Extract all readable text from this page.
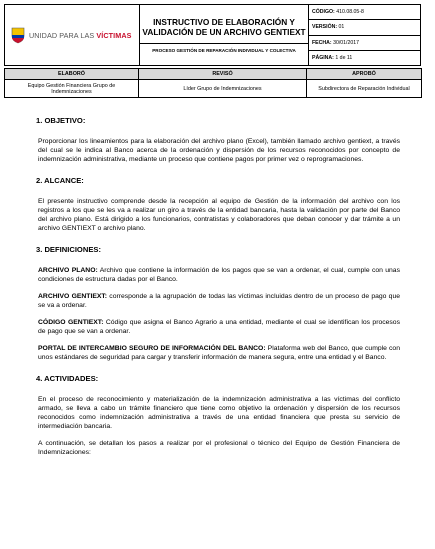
UNIDAD PARA LAS VÍCTIMAS

INSTRUCTIVO DE ELABORACIÓN Y VALIDACIÓN DE UN ARCHIVO GENTIEXT
PROCESO GESTIÓN DE REPARACIÓN INDIVIDUAL Y COLECTIVA
	CÓDIGO: 410.08.05-8
VERSIÓN: 01
FECHA: 30/01/2017
PÁGINA: 1 de 11
ELABORÓ	REVISÓ	APROBÓ
Equipo Gestión Financiera Grupo de Indemnizaciones	Líder Grupo de Indemnizaciones	Subdirectora de Reparación Individual
1. OBJETIVO:

Proporcionar los lineamientos para la elaboración del archivo plano (Excel), también llamado archivo gentiext, a través del cual se le indica al Banco acerca de la ordenación y dispersión de los recursos reconocidos por concepto de indemnización administrativa, mediante un proceso que contiene pagos por primer vez o reprogramaciones.

2. ALCANCE:

El presente instructivo comprende desde la recepción al equipo de Gestión de la información del archivo con los registros a los que se les va a realizar un giro a través de la entidad bancaria, hasta la validación por parte del Banco del archivo plano. Está dirigido a los funcionarios, contratistas y colaboradores que deban conocer y dar trámite a un archivo GENTIEXT o archivo plano.

3. DEFINICIONES:

ARCHIVO PLANO: Archivo que contiene la información de los pagos que se van a ordenar, el cual, cumple con unas condiciones de estructura dadas por el Banco.

ARCHIVO GENTIEXT: corresponde a la agrupación de todas las víctimas incluidas dentro de un proceso de pago que se va a ordenar.

CÓDIGO GENTIEXT: Código que asigna el Banco Agrario a una entidad, mediante el cual se identifican los procesos de pago que se van a ordenar.

PORTAL DE INTERCAMBIO SEGURO DE INFORMACIÓN DEL BANCO: Plataforma web del Banco, que cumple con unos estándares de seguridad para cargar y transferir información de manera segura, entre una entidad y el Banco.

4. ACTIVIDADES:

En el proceso de reconocimiento y materialización de la indemnización administrativa a las víctimas del conflicto armado, se lleva a cabo un trámite financiero que tiene como objetivo la ordenación y dispersión de los recursos reconocidos como indemnización administrativa a través de una entidad financiera que presta su servicio de intermediación bancaria.

A continuación, se detallan los pasos a realizar por el profesional o técnico del Equipo de Gestión Financiera de Indemnizaciones:
